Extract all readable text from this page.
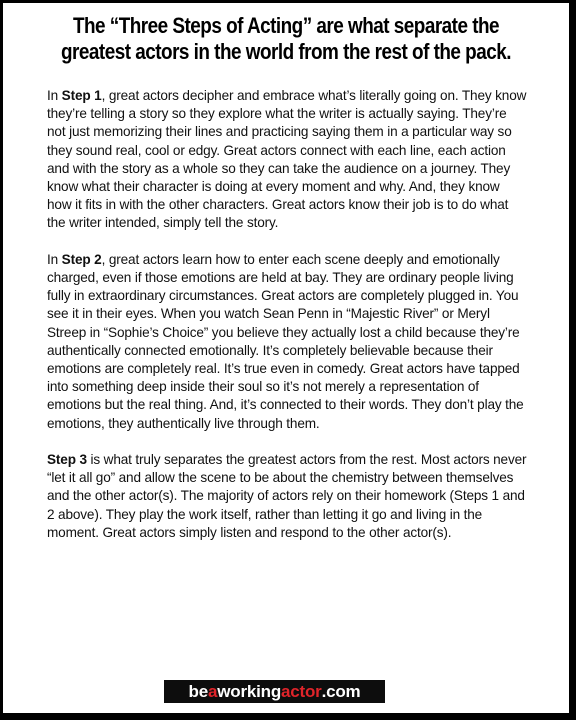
The “Three Steps of Acting” are what separate the
greatest actors in the world from the rest of the pack.

In Step 1, great actors decipher and embrace what’s literally going on. They know they’re telling a story so they explore what the writer is actually saying. They’re not just memorizing their lines and practicing saying them in a particular way so they sound real, cool or edgy. Great actors connect with each line, each action and with the story as a whole so they can take the audience on a journey. They know what their character is doing at every moment and why. And, they know how it fits in with the other characters. Great actors know their job is to do what the writer intended, simply tell the story.

In Step 2, great actors learn how to enter each scene deeply and emotionally charged, even if those emotions are held at bay. They are ordinary people living fully in extraordinary circumstances. Great actors are completely plugged in. You see it in their eyes. When you watch Sean Penn in “Majestic River” or Meryl Streep in “Sophie’s Choice” you believe they actually lost a child because they’re authentically connected emotionally. It’s completely believable because their emotions are completely real. It’s true even in comedy. Great actors have tapped into something deep inside their soul so it’s not merely a representation of emotions but the real thing. And, it’s connected to their words. They don’t play the emotions, they authentically live through them.

Step 3 is what truly separates the greatest actors from the rest. Most actors never “let it all go” and allow the scene to be about the chemistry between themselves and the other actor(s). The majority of actors rely on their homework (Steps 1 and 2 above). They play the work itself, rather than letting it go and living in the moment. Great actors simply listen and respond to the other actor(s).

be a working actor .com
